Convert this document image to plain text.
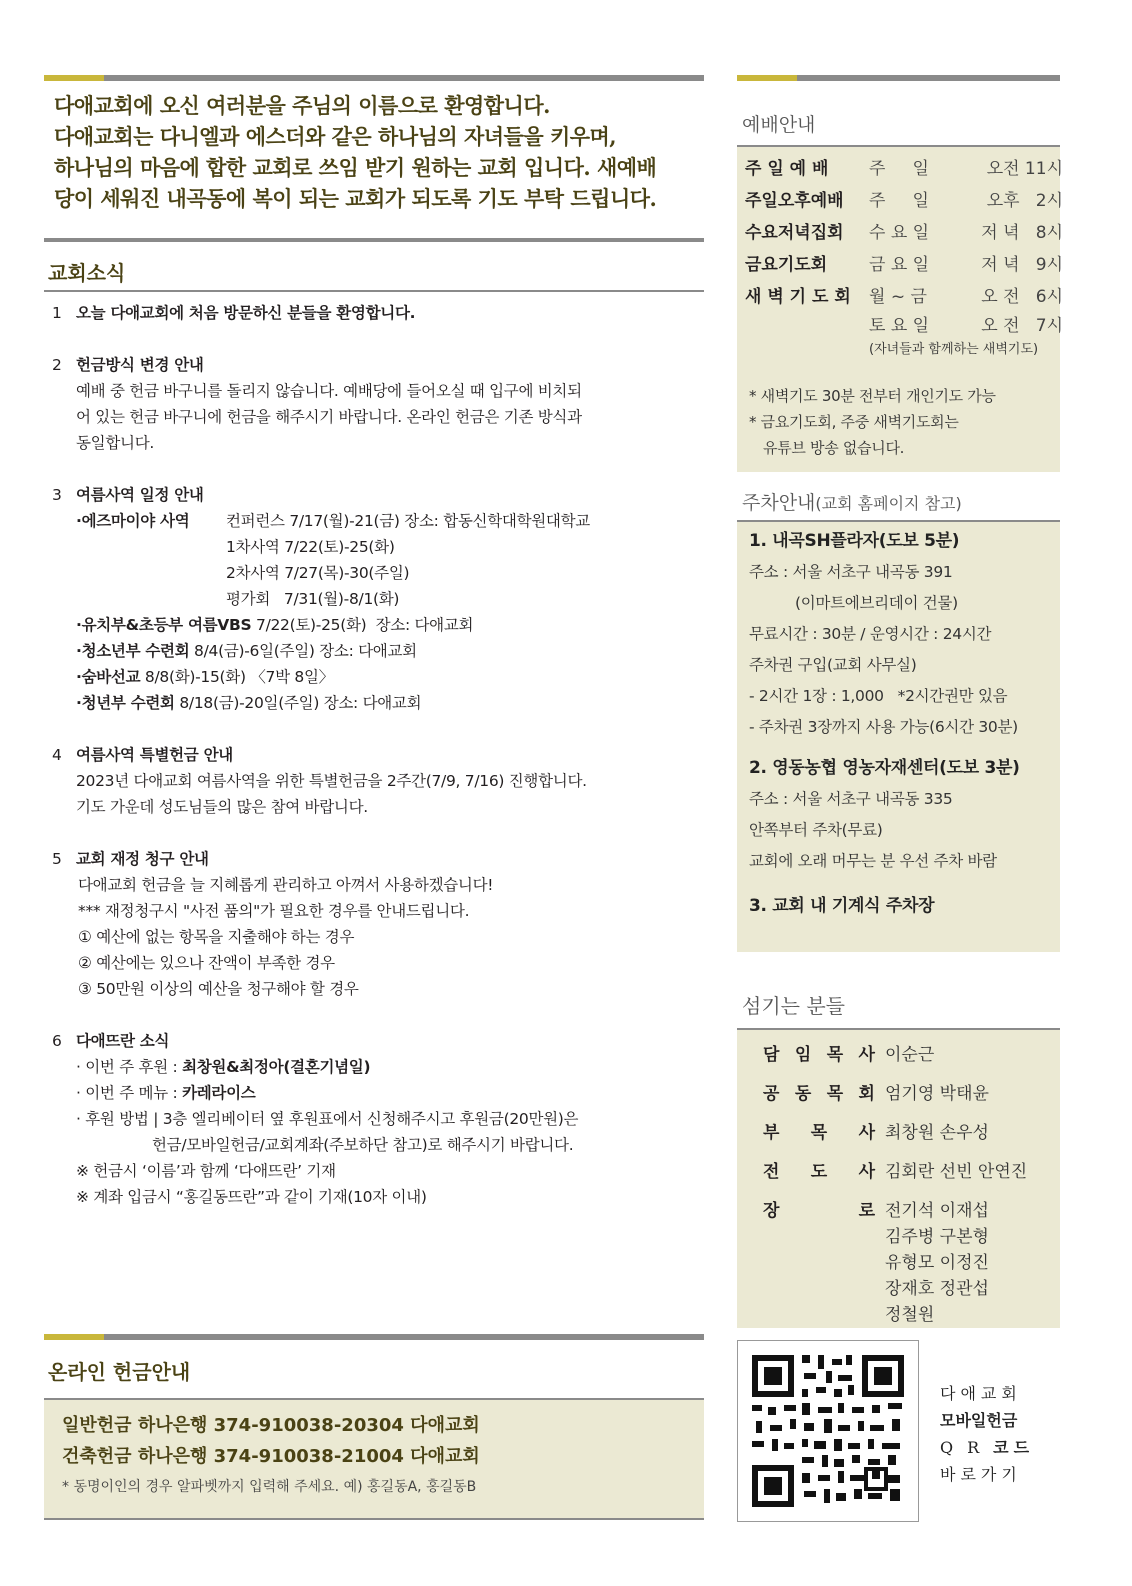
다애교회에 오신 여러분을 주님의 이름으로 환영합니다.
다애교회는 다니엘과 에스더와 같은 하나님의 자녀들을 키우며,
하나님의 마음에 합한 교회로 쓰임 받기 원하는 교회 입니다. 새예배
당이 세워진 내곡동에 복이 되는 교회가 되도록 기도 부탁 드립니다.
교회소식
1 오늘 다애교회에 처음 방문하신 분들을 환영합니다.
2 헌금방식 변경 안내
예배 중 헌금 바구니를 돌리지 않습니다. 예배당에 들어오실 때 입구에 비치되
어 있는 헌금 바구니에 헌금을 해주시기 바랍니다. 온라인 헌금은 기존 방식과
동일합니다.
3 여름사역 일정 안내
·에즈마이야 사역 컨퍼런스 7/17(월)-21(금) 장소: 합동신학대학원대학교
1차사역 7/22(토)-25(화)
2차사역 7/27(목)-30(주일)
평가회   7/31(월)-8/1(화)
·유치부&초등부 여름VBS 7/22(토)-25(화)  장소: 다애교회
·청소년부 수련회 8/4(금)-6일(주일) 장소: 다애교회
·숨바선교 8/8(화)-15(화) 〈7박 8일〉
·청년부 수련회 8/18(금)-20일(주일) 장소: 다애교회
4 여름사역 특별헌금 안내
2023년 다애교회 여름사역을 위한 특별헌금을 2주간(7/9, 7/16) 진행합니다.
기도 가운데 성도님들의 많은 참여 바랍니다.
5 교회 재정 청구 안내
다애교회 헌금을 늘 지혜롭게 관리하고 아껴서 사용하겠습니다!
*** 재정청구시 "사전 품의"가 필요한 경우를 안내드립니다.
① 예산에 없는 항목을 지출해야 하는 경우
② 예산에는 있으나 잔액이 부족한 경우
③ 50만원 이상의 예산을 청구해야 할 경우
6 다애뜨란 소식
· 이번 주 후원 : 최창원&최정아(결혼기념일)
· 이번 주 메뉴 : 카레라이스
· 후원 방법 | 3층 엘리베이터 옆 후원표에서 신청해주시고 후원금(20만원)은
헌금/모바일헌금/교회계좌(주보하단 참고)로 해주시기 바랍니다.
※ 헌금시 ‘이름’과 함께 ‘다애뜨란’ 기재
※ 계좌 입금시 “홍길동뜨란”과 같이 기재(10자 이내)
온라인 헌금안내
일반헌금 하나은행 374-910038-20304 다애교회
건축헌금 하나은행 374-910038-21004 다애교회
* 동명이인의 경우 알파벳까지 입력해 주세요. 예) 홍길동A, 홍길동B
예배안내
주 일 예 배 주     일	오전 11시
주일오후예배 주     일	오후   2시
수요저녁집회 수 요 일	저 녁   8시
금요기도회 금 요 일	저 녁   9시
새 벽 기 도 회 월 ~ 금	오 전   6시
토 요 일	오 전   7시
(자녀들과 함께하는 새벽기도)
* 새벽기도 30분 전부터 개인기도 가능
* 금요기도회, 주중 새벽기도회는
유튜브 방송 없습니다.
주차안내(교회 홈페이지 참고)
1. 내곡SH플라자(도보 5분)
주소 : 서울 서초구 내곡동 391
(이마트에브리데이 건물)
무료시간 : 30분 / 운영시간 : 24시간
주차권 구입(교회 사무실)
- 2시간 1장 : 1,000   *2시간권만 있음
- 주차권 3장까지 사용 가능(6시간 30분)
2. 영동농협 영농자재센터(도보 3분)
주소 : 서울 서초구 내곡동 335
안쪽부터 주차(무료)
교회에 오래 머무는 분 우선 주차 바람
3. 교회 내 기계식 주차장
섬기는 분들
담 임 목 사 이순근
공 동 목 회 엄기영 박태윤
부 목 사 최창원 손우성
전 도 사 김회란 선빈 안연진
장	로 전기석 이재섭
김주병 구본형
유형모 이정진
장재호 정관섭
정철원
다애교회
모바일헌금
QR코드
바로가기
